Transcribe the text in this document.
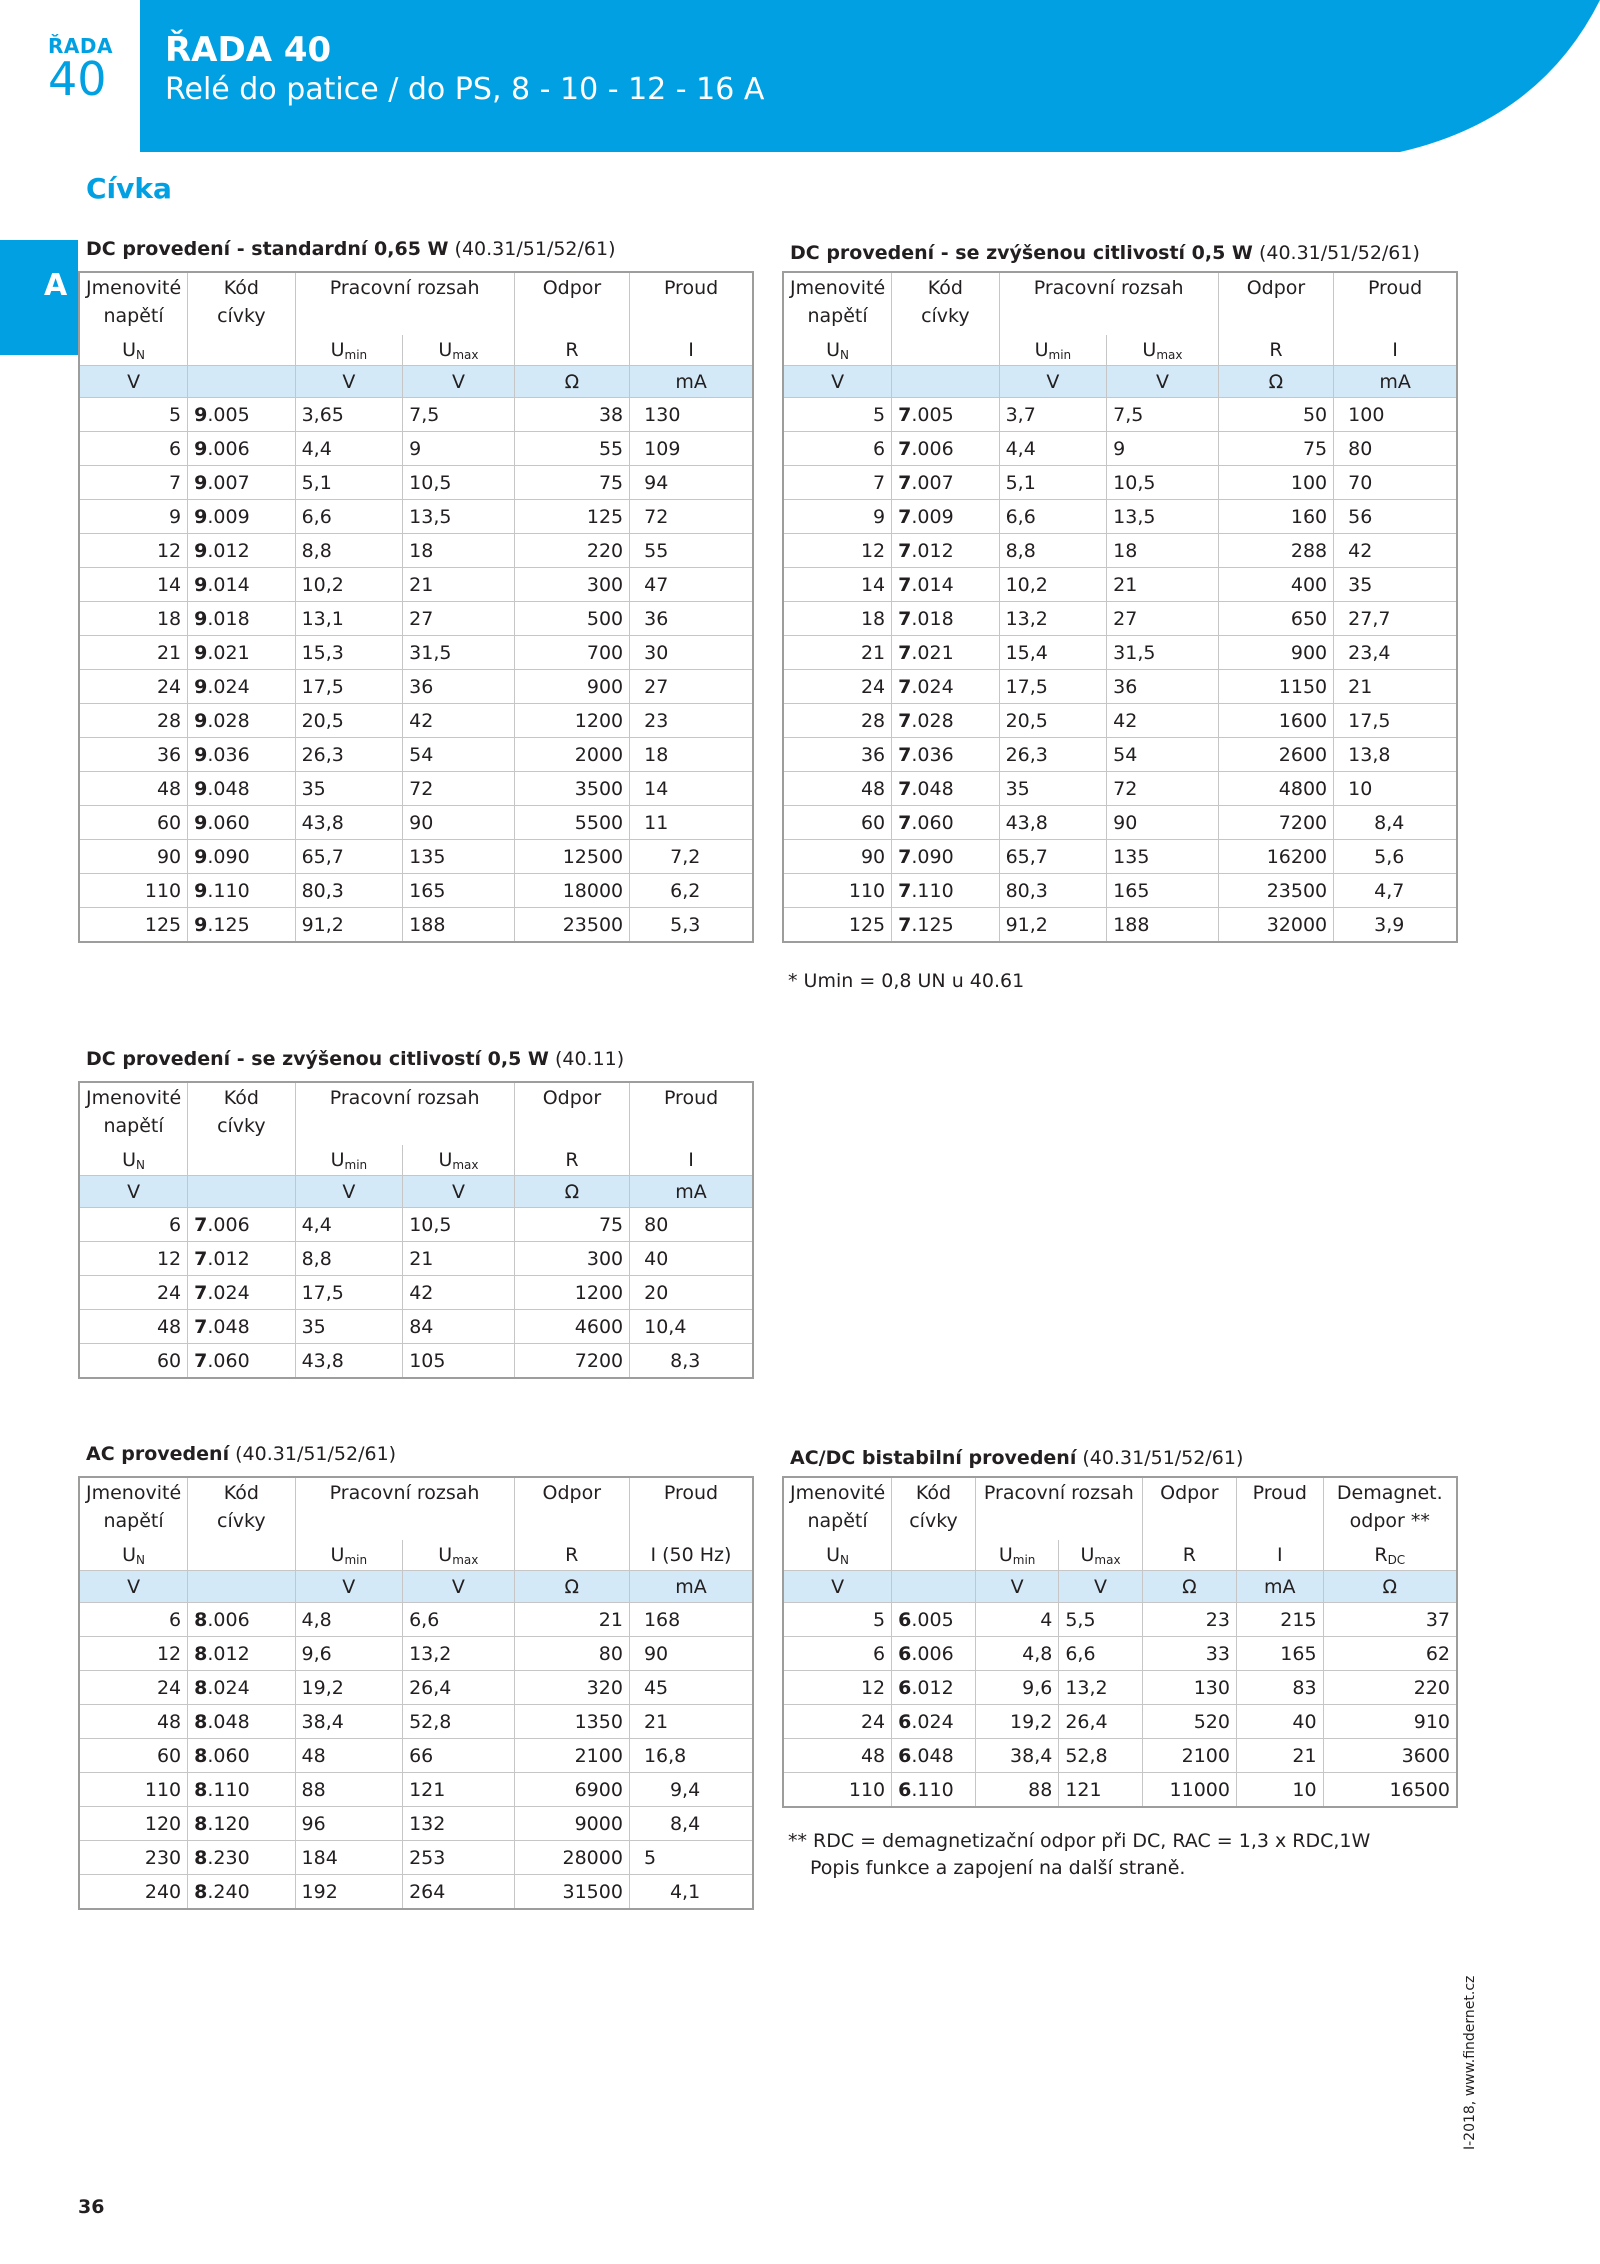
ŘADA
40
ŘADA 40
Relé do patice / do PS, 8 - 10 - 12 - 16 A	finder
A
Cívka
DC provedení - standardní 0,65 W (40.31/51/52/61)	DC provedení - se zvýšenou citlivostí 0,5 W (40.31/51/52/61)
DC provedení - se zvýšenou citlivostí 0,5 W (40.11)
AC provedení (40.31/51/52/61)	AC/DC bistabilní provedení (40.31/51/52/61)
Jmenovité	Kód	Pracovní rozsah		Odpor	Proud
napětí	cívky				
$U_N$		$U_{min}$	$U_{max}$	R	I
V		V	V	Ω	mA
5	9.005	3,65	7,5	38	130
6	9.006	4,4	9	55	109
7	9.007	5,1	10,5	75	94
9	9.009	6,6	13,5	125	72
12	9.012	8,8	18	220	55
14	9.014	10,2	21	300	47
18	9.018	13,1	27	500	36
21	9.021	15,3	31,5	700	30
24	9.024	17,5	36	900	27
28	9.028	20,5	42	1200	23
36	9.036	26,3	54	2000	18
48	9.048	35	72	3500	14
60	9.060	43,8	90	5500	11
90	9.090	65,7	135	12500	7,2
110	9.110	80,3	165	18000	6,2
125	9.125	91,2	188	23500	5,3
Jmenovité	Kód	Pracovní rozsah		Odpor	Proud
napětí	cívky				
$U_N$		$U_{min}$	$U_{max}$	R	I
V		V	V	Ω	mA
5	7.005	3,7	7,5	50	100
6	7.006	4,4	9	75	80
7	7.007	5,1	10,5	100	70
9	7.009	6,6	13,5	160	56
12	7.012	8,8	18	288	42
14	7.014	10,2	21	400	35
18	7.018	13,2	27	650	27,7
21	7.021	15,4	31,5	900	23,4
24	7.024	17,5	36	1150	21
28	7.028	20,5	42	1600	17,5
36	7.036	26,3	54	2600	13,8
48	7.048	35	72	4800	10
60	7.060	43,8	90	7200	8,4
90	7.090	65,7	135	16200	5,6
110	7.110	80,3	165	23500	4,7
125	7.125	91,2	188	32000	3,9
Jmenovité	Kód	Pracovní rozsah		Odpor	Proud
napětí	cívky				
$U_N$		$U_{min}$	$U_{max}$	R	I
V		V	V	Ω	mA
6	7.006	4,4	10,5	75	80
12	7.012	8,8	21	300	40
24	7.024	17,5	42	1200	20
48	7.048	35	84	4600	10,4
60	7.060	43,8	105	7200	8,3
Jmenovité	Kód	Pracovní rozsah		Odpor	Proud
napětí	cívky				
$U_N$		$U_{min}$	$U_{max}$	R	I (50 Hz)
V		V	V	Ω	mA
6	8.006	4,8	6,6	21	168
12	8.012	9,6	13,2	80	90
24	8.024	19,2	26,4	320	45
48	8.048	38,4	52,8	1350	21
60	8.060	48	66	2100	16,8
110	8.110	88	121	6900	9,4
120	8.120	96	132	9000	8,4
230	8.230	184	253	28000	5
240	8.240	192	264	31500	4,1
Jmenovité	Kód	Pracovní rozsah		Odpor	Proud	Demagnet.
napětí	cívky					odpor **
$U_N$		$U_{min}$	$U_{max}$	R	I	$R_{DC}$
V		V	V	Ω	mA	Ω
5	6.005	4	5,5	23	215	37
6	6.006	4,8	6,6	33	165	62
12	6.012	9,6	13,2	130	83	220
24	6.024	19,2	26,4	520	40	910
48	6.048	38,4	52,8	2100	21	3600
110	6.110	88	121	11000	10	16500
* Umin = 0,8 UN u 40.61
** RDC = demagnetizační odpor při DC, RAC = 1,3 x RDC,1W
Popis funkce a zapojení na další straně.
36
I-2018, www.findernet.cz
